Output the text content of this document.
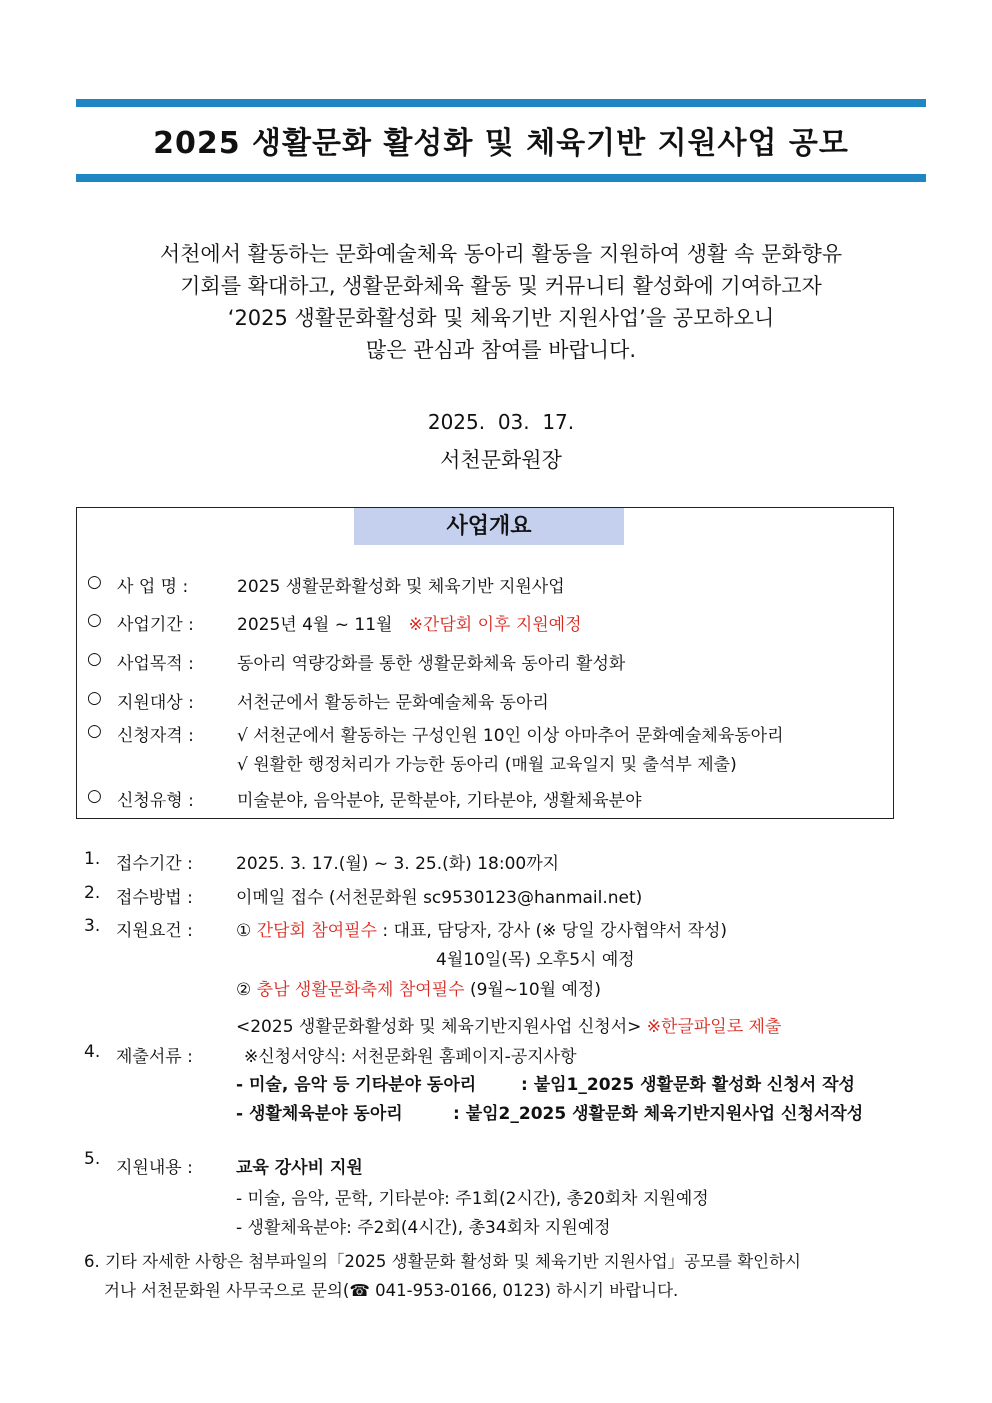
2025 생활문화 활성화 및 체육기반 지원사업 공모
서천에서 활동하는 문화예술체육 동아리 활동을 지원하여 생활 속 문화향유
기회를 확대하고, 생활문화체육 활동 및 커뮤니티 활성화에 기여하고자
‘2025 생활문화활성화 및 체육기반 지원사업’을 공모하오니
많은 관심과 참여를 바랍니다.
2025.  03.  17.
서천문화원장
사업개요
○ 사 업 명 :	2025 생활문화활성화 및 체육기반 지원사업
○ 사업기간 :	2025년 4월 ~ 11월 ※간담회 이후 지원예정
○ 사업목적 :	동아리 역량강화를 통한 생활문화체육 동아리 활성화
○ 지원대상 :	서천군에서 활동하는 문화예술체육 동아리
○ 신청자격 :	√ 서천군에서 활동하는 구성인원 10인 이상 아마추어 문화예술체육동아리
√ 원활한 행정처리가 가능한 동아리 (매월 교육일지 및 출석부 제출)
○ 신청유형 :	미술분야, 음악분야, 문학분야, 기타분야, 생활체육분야
1. 접수기간 :	2025. 3. 17.(월) ~ 3. 25.(화) 18:00까지
2. 접수방법 :	이메일 접수 (서천문화원 sc9530123@hanmail.net)
3. 지원요건 :	① 간담회 참여필수 : 대표, 담당자, 강사 (※ 당일 강사협약서 작성)
4월10일(목) 오후5시 예정
② 충남 생활문화축제 참여필수 (9월~10월 예정)
<2025 생활문화활성화 및 체육기반지원사업 신청서> ※한글파일로 제출
4. 제출서류 :	※신청서양식: 서천문화원 홈페이지-공지사항
- 미술, 음악 등 기타분야 동아리	: 붙임1_2025 생활문화 활성화 신청서 작성
- 생활체육분야 동아리	: 붙임2_2025 생활문화 체육기반지원사업 신청서작성
5. 지원내용 :	교육 강사비 지원
- 미술, 음악, 문학, 기타분야: 주1회(2시간), 총20회차 지원예정
- 생활체육분야: 주2회(4시간), 총34회차 지원예정
6. 기타 자세한 사항은 첨부파일의「2025 생활문화 활성화 및 체육기반 지원사업」공모를 확인하시
거나 서천문화원 사무국으로 문의(☎ 041-953-0166, 0123) 하시기 바랍니다.
